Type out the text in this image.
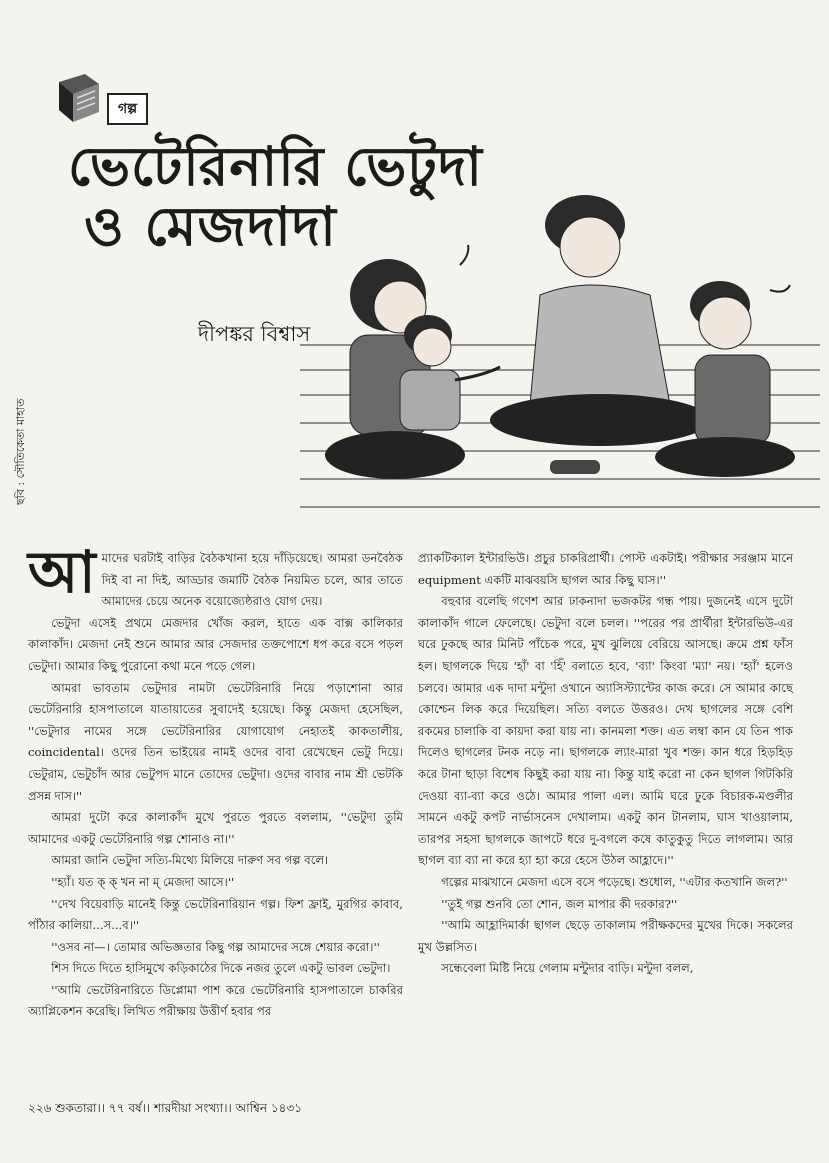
গল্প
ভেটেরিনারি ভেটুদা
ও মেজদাদা
দীপঙ্কর বিশ্বাস
ছবি : সৌতিকেতা মাহাত
আ মাদের ঘরটাই বাড়ির বৈঠকখানা হয়ে দাঁড়িয়েছে। আমরা ডনবৈঠক দিই বা না দিই, আড্ডার জমাটি বৈঠক নিয়মিত চলে, আর তাতে আমাদের চেয়ে অনেক বয়োজ্যেষ্ঠরাও যোগ দেয়।

ভেটুদা এসেই প্রথমে মেজদার খোঁজ করল, হাতে এক বাক্স কালিকার কালাকাঁদ। মেজদা নেই শুনে আমার আর সেজদার তক্তপোশে ধপ করে বসে পড়ল ভেটুদা। আমার কিছু পুরোনো কথা মনে পড়ে গেল।

আমরা ভাবতাম ভেটুদার নামটা ভেটেরিনারি নিয়ে পড়াশোনা আর ভেটেরিনারি হাসপাতালে যাতায়াতের সুবাদেই হয়েছে। কিন্তু মেজদা হেসেছিল, ''ভেটুদার নামের সঙ্গে ভেটেরিনারির যোগাযোগ নেহাতই কাকতালীয়, coincidental। ওদের তিন ভাইয়ের নামই ওদের বাবা রেখেছেন ভেটু দিয়ে। ভেটুরাম, ভেটুচাঁদ আর ভেটুপদ মানে তোদের ভেটুদা। ওদের বাবার নাম শ্রী ভেটকি প্রসন্ন দাস।''

আমরা দুটো করে কালাকাঁদ মুখে পুরতে পুরতে বললাম, ''ভেটুদা তুমি আমাদের একটু ভেটেরিনারি গল্প শোনাও না।''

আমরা জানি ভেটুদা সত্যি-মিথ্যে মিলিয়ে দারুণ সব গল্প বলে।

''হ্যাঁ। যত ক্ ক্ খন না ম্ মেজদা আসে।''

''দেখ বিয়েবাড়ি মানেই কিন্তু ভেটেরিনারিয়ান গল্প। ফিশ ফ্রাই, মুরগির কাবাব, পাঁঠার কালিয়া...স...ব।''

''ওসব না—। তোমার অভিজ্ঞতার কিছু গল্প আমাদের সঙ্গে শেয়ার করো।''

শিস দিতে দিতে হাসিমুখে কড়িকাঠের দিকে নজর তুলে একটু ভাবল ভেটুদা।

''আমি ভেটেরিনারিতে ডিপ্লোমা পাশ করে ভেটেরিনারি হাসপাতালে চাকরির অ্যাপ্লিকেশন করেছি। লিখিত পরীক্ষায় উত্তীর্ণ হবার পর

প্র্যাকটিক্যাল ইন্টারভিউ। প্রচুর চাকরিপ্রার্থী। পোস্ট একটাই। পরীক্ষার সরঞ্জাম মানে equipment একটি মাঝবয়সি ছাগল আর কিছু ঘাস।''

বহুবার বলেছি গণেশ আর ঢাকনাদা ভজকটর গন্ধ পায়। দুজনেই এসে দুটো কালাকাঁদ গালে ফেলেছে। ভেটুদা বলে চলল। ''পরের পর প্রার্থীরা ইন্টারভিউ-এর ঘরে ঢুকছে আর মিনিট পাঁচেক পরে, মুখ ঝুলিয়ে বেরিয়ে আসছে। ক্রমে প্রশ্ন ফাঁস হল। ছাগলকে দিয়ে 'হাঁ' বা 'হিঁ' বলাতে হবে, 'ব্যা' কিংবা 'ম্যা' নয়। 'হ্যাঁ' হলেও চলবে। আমার এক দাদা মন্টুদা ওখানে অ্যাসিস্ট্যান্টের কাজ করে। সে আমার কাছে কোশ্চেন লিক করে দিয়েছিল। সত্যি বলতে উত্তরও। দেখ ছাগলের সঙ্গে বেশি রকমের চালাকি বা কায়দা করা যায় না। কানমলা শক্ত। এত লম্বা কান যে তিন পাক দিলেও ছাগলের টনক নড়ে না। ছাগলকে ল্যাং-মারা খুব শক্ত। কান ধরে হিড়হিড় করে টানা ছাড়া বিশেষ কিছুই করা যায় না। কিন্তু যাই করো না কেন ছাগল গিটকিরি দেওয়া ব্যা-ব্যা করে ওঠে। আমার পালা এল। আমি ঘরে ঢুকে বিচারক-মণ্ডলীর সামনে একটু কপট নার্ভাসনেস দেখালাম। একটু কান টানলাম, ঘাস খাওয়ালাম, তারপর সহসা ছাগলকে জাপটে ধরে দু-বগলে কষে কাতুকুতু দিতে লাগলাম। আর ছাগল ব্যা ব্যা না করে হ্যা হ্যা করে হেসে উঠল আহ্লাদে।''

গল্পের মাঝখানে মেজদা এসে বসে পড়েছে। শুধোল, ''এটার কতখানি জল?''

''তুই গল্প শুনবি তো শোন, জল মাপার কী দরকার?''

''আমি আহ্লাদিমার্কা ছাগল ছেড়ে তাকালাম পরীক্ষকদের মুখের দিকে। সকলের মুখ উল্লসিত।

সন্ধেবেলা মিষ্টি নিয়ে গেলাম মন্টুদার বাড়ি। মন্টুদা বলল,

২২৬ শুকতারা।। ৭৭ বর্ষ।। শারদীয়া সংখ্যা।। আশ্বিন ১৪৩১
